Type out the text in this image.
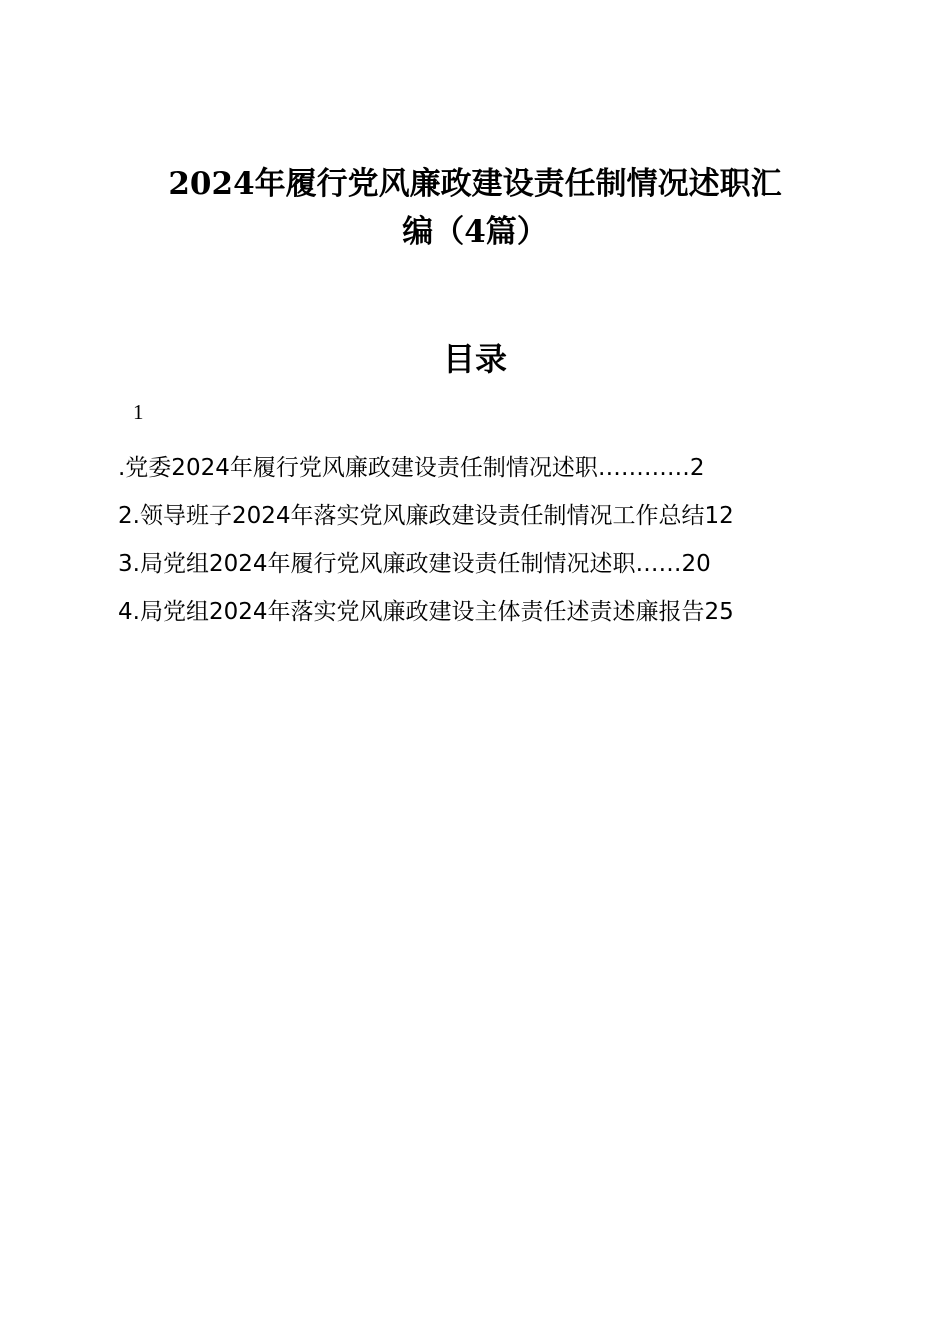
2024年履行党风廉政建设责任制情况述职汇
编（4篇）
目录
1
.党委2024年履行党风廉政建设责任制情况述职…………2
2.领导班子2024年落实党风廉政建设责任制情况工作总结12
3.局党组2024年履行党风廉政建设责任制情况述职……20
4.局党组2024年落实党风廉政建设主体责任述责述廉报告25
